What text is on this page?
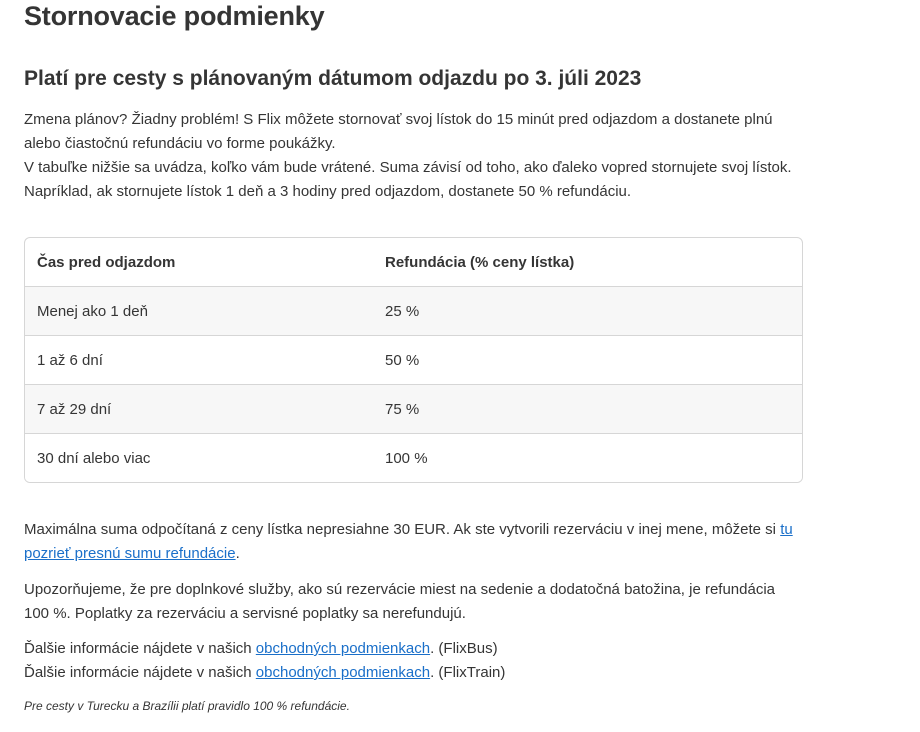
Stornovacie podmienky
Platí pre cesty s plánovaným dátumom odjazdu po 3. júli 2023
Zmena plánov? Žiadny problém! S Flix môžete stornovať svoj lístok do 15 minút pred odjazdom a dostanete plnú alebo čiastočnú refundáciu vo forme poukážky.
V tabuľke nižšie sa uvádza, koľko vám bude vrátené. Suma závisí od toho, ako ďaleko vopred stornujete svoj lístok. Napríklad, ak stornujete lístok 1 deň a 3 hodiny pred odjazdom, dostanete 50 % refundáciu.
Čas pred odjazdom	Refundácia (% ceny lístka)
Menej ako 1 deň	25 %
1 až 6 dní	50 %
7 až 29 dní	75 %
30 dní alebo viac	100 %

Maximálna suma odpočítaná z ceny lístka nepresiahne 30 EUR. Ak ste vytvorili rezerváciu v inej mene, môžete si tu pozrieť presnú sumu refundácie.

Upozorňujeme, že pre doplnkové služby, ako sú rezervácie miest na sedenie a dodatočná batožina, je refundácia 100 %. Poplatky za rezerváciu a servisné poplatky sa nerefundujú.

Ďalšie informácie nájdete v našich obchodných podmienkach. (FlixBus)
Ďalšie informácie nájdete v našich obchodných podmienkach. (FlixTrain)

Pre cesty v Turecku a Brazílii platí pravidlo 100 % refundácie.
